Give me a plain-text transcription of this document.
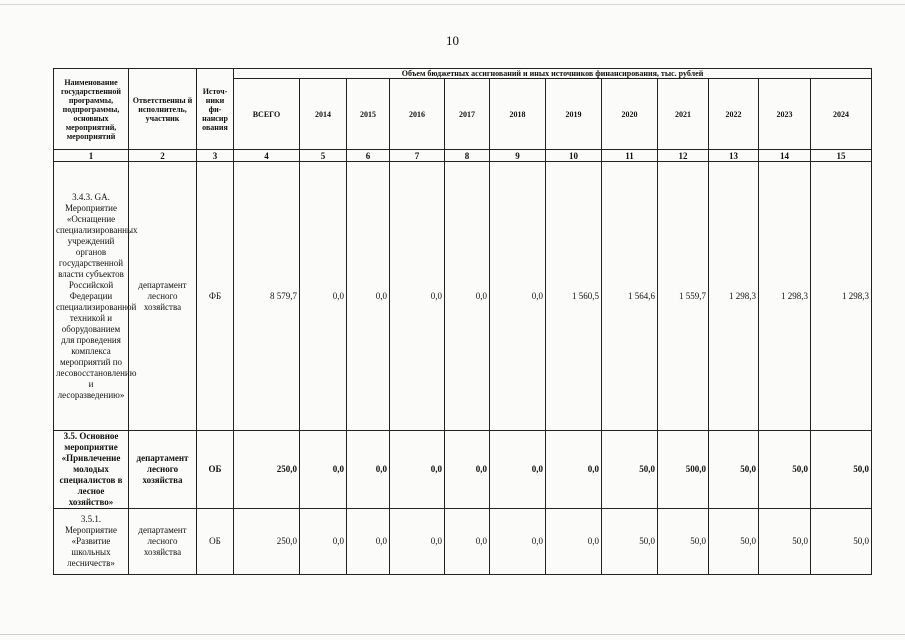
10
Наименование государственной программы, подпрограммы, основных мероприятий, мероприятий	Ответственны й исполнитель, участник	Источ-ники фи-нансир ования	Объем бюджетных ассигнований и иных источников финансирования, тыс. рублей											
			ВСЕГО	2014	2015	2016	2017	2018	2019	2020	2021	2022	2023	2024
1	2	3	4	5	6	7	8	9	10	11	12	13	14	15
3.4.3. GA. Мероприятие «Оснащение специализированных учреждений органов государственной власти субъектов Российской Федерации специализированной техникой и оборудованием для проведения комплекса мероприятий по лесовосстановлению и лесоразведению»	департамент лесного хозяйства	ФБ	8 579,7	0,0	0,0	0,0	0,0	0,0	1 560,5	1 564,6	1 559,7	1 298,3	1 298,3	1 298,3
3.5. Основное мероприятие «Привлечение молодых специалистов в лесное хозяйство»	департамент лесного хозяйства	ОБ	250,0	0,0	0,0	0,0	0,0	0,0	0,0	50,0	500,0	50,0	50,0	50,0
3.5.1. Мероприятие «Развитие школьных лесничеств»	департамент лесного хозяйства	ОБ	250,0	0,0	0,0	0,0	0,0	0,0	0,0	50,0	50,0	50,0	50,0	50,0
